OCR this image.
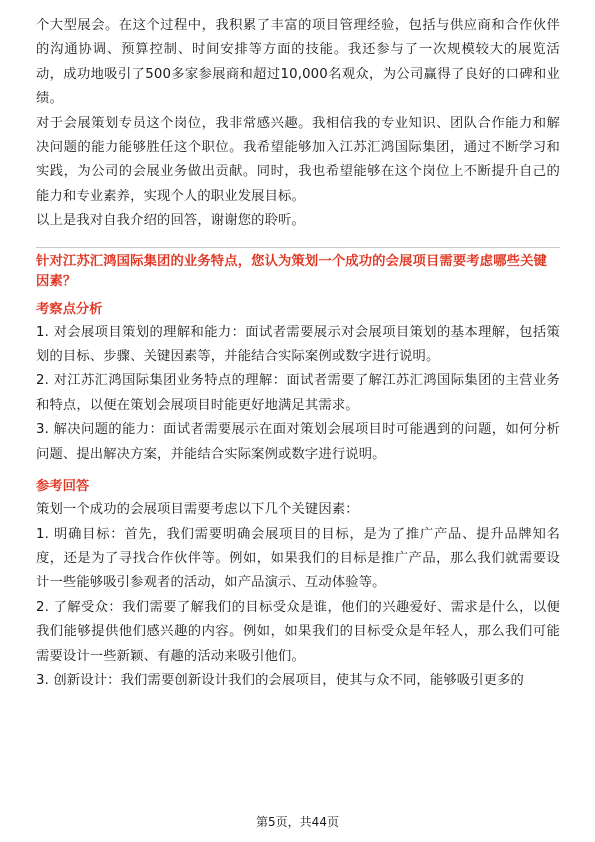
个大型展会。在这个过程中，我积累了丰富的项目管理经验，包括与供应商和合作伙伴的沟通协调、预算控制、时间安排等方面的技能。我还参与了一次规模较大的展览活动，成功地吸引了500多家参展商和超过10,000名观众，为公司赢得了良好的口碑和业绩。

对于会展策划专员这个岗位，我非常感兴趣。我相信我的专业知识、团队合作能力和解决问题的能力能够胜任这个职位。我希望能够加入江苏汇鸿国际集团，通过不断学习和实践，为公司的会展业务做出贡献。同时，我也希望能够在这个岗位上不断提升自己的能力和专业素养，实现个人的职业发展目标。

以上是我对自我介绍的回答，谢谢您的聆听。

针对江苏汇鸿国际集团的业务特点，您认为策划一个成功的会展项目需要考虑哪些关键因素？

考察点分析
1. 对会展项目策划的理解和能力：面试者需要展示对会展项目策划的基本理解，包括策划的目标、步骤、关键因素等，并能结合实际案例或数字进行说明。
2. 对江苏汇鸿国际集团业务特点的理解：面试者需要了解江苏汇鸿国际集团的主营业务和特点，以便在策划会展项目时能更好地满足其需求。
3. 解决问题的能力：面试者需要展示在面对策划会展项目时可能遇到的问题，如何分析问题、提出解决方案，并能结合实际案例或数字进行说明。
参考回答

策划一个成功的会展项目需要考虑以下几个关键因素：

1. 明确目标：首先，我们需要明确会展项目的目标，是为了推广产品、提升品牌知名度，还是为了寻找合作伙伴等。例如，如果我们的目标是推广产品，那么我们就需要设计一些能够吸引参观者的活动，如产品演示、互动体验等。
2. 了解受众：我们需要了解我们的目标受众是谁，他们的兴趣爱好、需求是什么，以便我们能够提供他们感兴趣的内容。例如，如果我们的目标受众是年轻人，那么我们可能需要设计一些新颖、有趣的活动来吸引他们。
3. 创新设计：我们需要创新设计我们的会展项目，使其与众不同，能够吸引更多的
第5页，共44页
